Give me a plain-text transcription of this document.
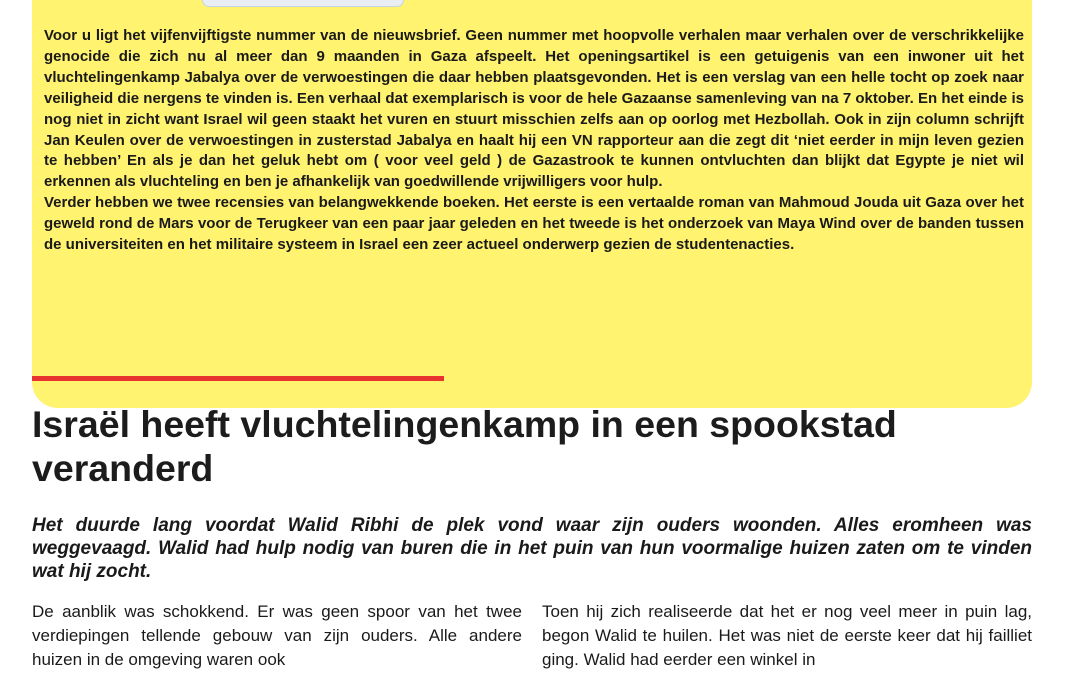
Voor u ligt het vijfenvijftigste nummer van de nieuwsbrief. Geen nummer met hoopvolle verhalen maar verhalen over de verschrikkelijke genocide die zich nu al meer dan 9 maanden in Gaza afspeelt. Het openingsartikel is een getuigenis van een inwoner uit het vluchtelingenkamp Jabalya over de verwoestingen die daar hebben plaatsgevonden. Het is een verslag van een helle tocht op zoek naar veiligheid die nergens te vinden is. Een verhaal dat exemplarisch is voor de hele Gazaanse samenleving van na 7 oktober. En het einde is nog niet in zicht want Israel wil geen staakt het vuren en stuurt misschien zelfs aan op oorlog met Hezbollah. Ook in zijn column schrijft Jan Keulen over de verwoestingen in zusterstad Jabalya en haalt hij een VN rapporteur aan die zegt dit ‘niet eerder in mijn leven gezien te hebben’ En als je dan het geluk hebt om ( voor veel geld ) de Gazastrook te kunnen ontvluchten dan blijkt dat Egypte je niet wil erkennen als vluchteling en ben je afhankelijk van goedwillende vrijwilligers voor hulp.

Verder hebben we twee recensies van belangwekkende boeken. Het eerste is een vertaalde roman van Mahmoud Jouda uit Gaza over het geweld rond de Mars voor de Terugkeer van een paar jaar geleden en het tweede is het onderzoek van Maya Wind over de banden tussen de universiteiten en het militaire systeem in Israel een zeer actueel onderwerp gezien de studentenacties.

Israël heeft vluchtelingenkamp in een spookstad veranderd

Het duurde lang voordat Walid Ribhi de plek vond waar zijn ouders woonden. Alles eromheen was weggevaagd. Walid had hulp nodig van buren die in het puin van hun voormalige huizen zaten om te vinden wat hij zocht.

De aanblik was schokkend. Er was geen spoor van het twee verdiepingen tellende gebouw van zijn ouders. Alle andere huizen in de omgeving waren ook

Toen hij zich realiseerde dat het er nog veel meer in puin lag, begon Walid te huilen. Het was niet de eerste keer dat hij failliet ging. Walid had eerder een winkel in
